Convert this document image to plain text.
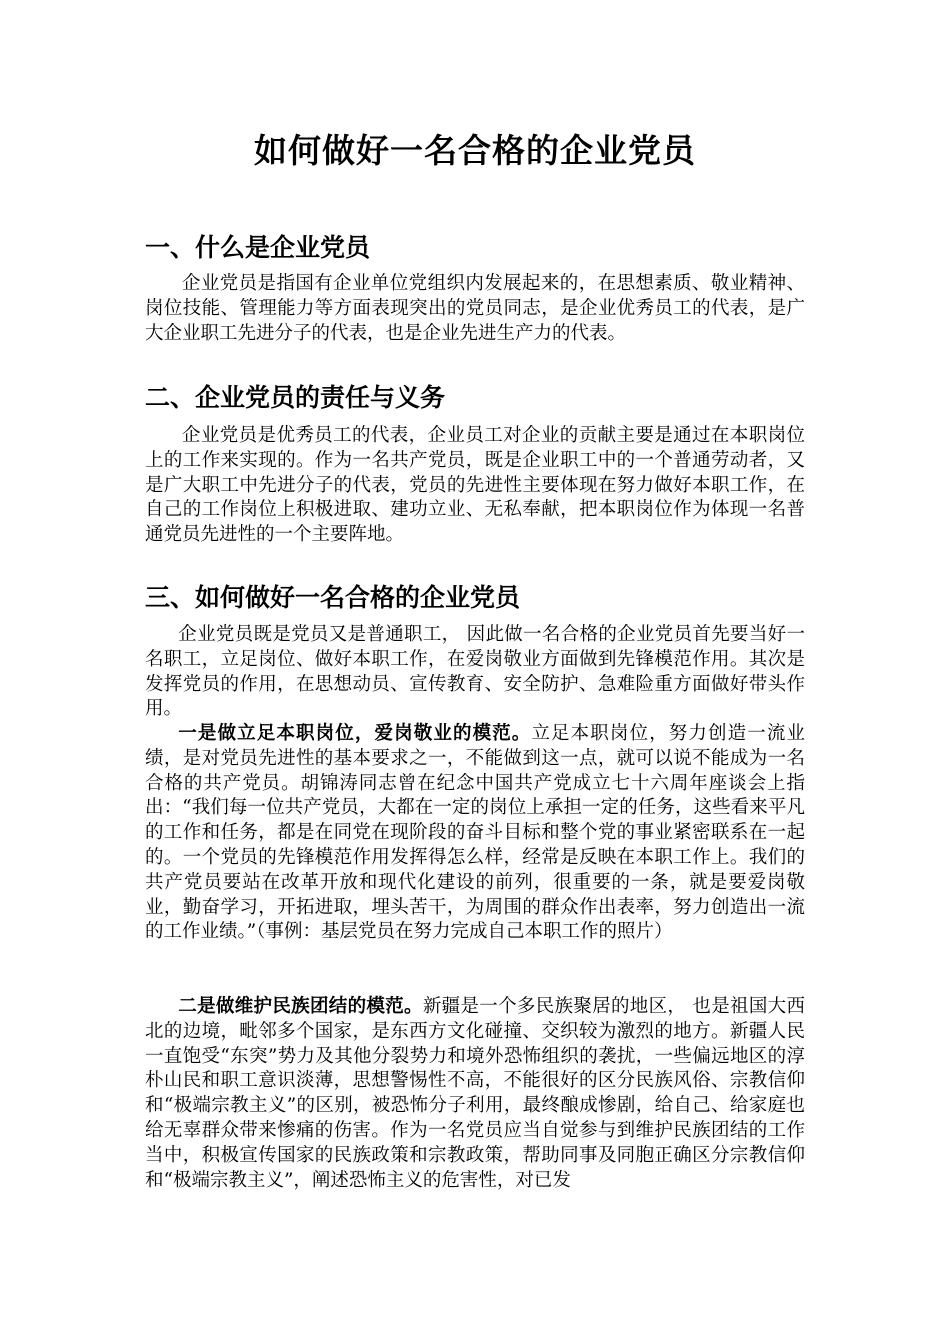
如何做好一名合格的企业党员
一、什么是企业党员

企业党员是指国有企业单位党组织内发展起来的，在思想素质、敬业精神、岗位技能、管理能力等方面表现突出的党员同志，是企业优秀员工的代表，是广大企业职工先进分子的代表，也是企业先进生产力的代表。

二、企业党员的责任与义务

企业党员是优秀员工的代表，企业员工对企业的贡献主要是通过在本职岗位上的工作来实现的。作为一名共产党员，既是企业职工中的一个普通劳动者，又是广大职工中先进分子的代表，党员的先进性主要体现在努力做好本职工作，在自己的工作岗位上积极进取、建功立业、无私奉献，把本职岗位作为体现一名普通党员先进性的一个主要阵地。

三、如何做好一名合格的企业党员

企业党员既是党员又是普通职工， 因此做一名合格的企业党员首先要当好一名职工，立足岗位、做好本职工作，在爱岗敬业方面做到先锋模范作用。其次是发挥党员的作用，在思想动员、宣传教育、安全防护、急难险重方面做好带头作用。

一是做立足本职岗位，爱岗敬业的模范。立足本职岗位，努力创造一流业绩，是对党员先进性的基本要求之一，不能做到这一点，就可以说不能成为一名合格的共产党员。胡锦涛同志曾在纪念中国共产党成立七十六周年座谈会上指出：“我们每一位共产党员，大都在一定的岗位上承担一定的任务，这些看来平凡的工作和任务，都是在同党在现阶段的奋斗目标和整个党的事业紧密联系在一起的。一个党员的先锋模范作用发挥得怎么样，经常是反映在本职工作上。我们的共产党员要站在改革开放和现代化建设的前列，很重要的一条，就是要爱岗敬业，勤奋学习，开拓进取，埋头苦干，为周围的群众作出表率，努力创造出一流的工作业绩。”（事例：基层党员在努力完成自己本职工作的照片）

二是做维护民族团结的模范。新疆是一个多民族聚居的地区， 也是祖国大西北的边境，毗邻多个国家，是东西方文化碰撞、交织较为激烈的地方。新疆人民一直饱受“东突”势力及其他分裂势力和境外恐怖组织的袭扰，一些偏远地区的淳朴山民和职工意识淡薄，思想警惕性不高，不能很好的区分民族风俗、宗教信仰和“极端宗教主义”的区别，被恐怖分子利用，最终酿成惨剧，给自己、给家庭也给无辜群众带来惨痛的伤害。作为一名党员应当自觉参与到维护民族团结的工作当中，积极宣传国家的民族政策和宗教政策，帮助同事及同胞正确区分宗教信仰和“极端宗教主义”，阐述恐怖主义的危害性，对已发
